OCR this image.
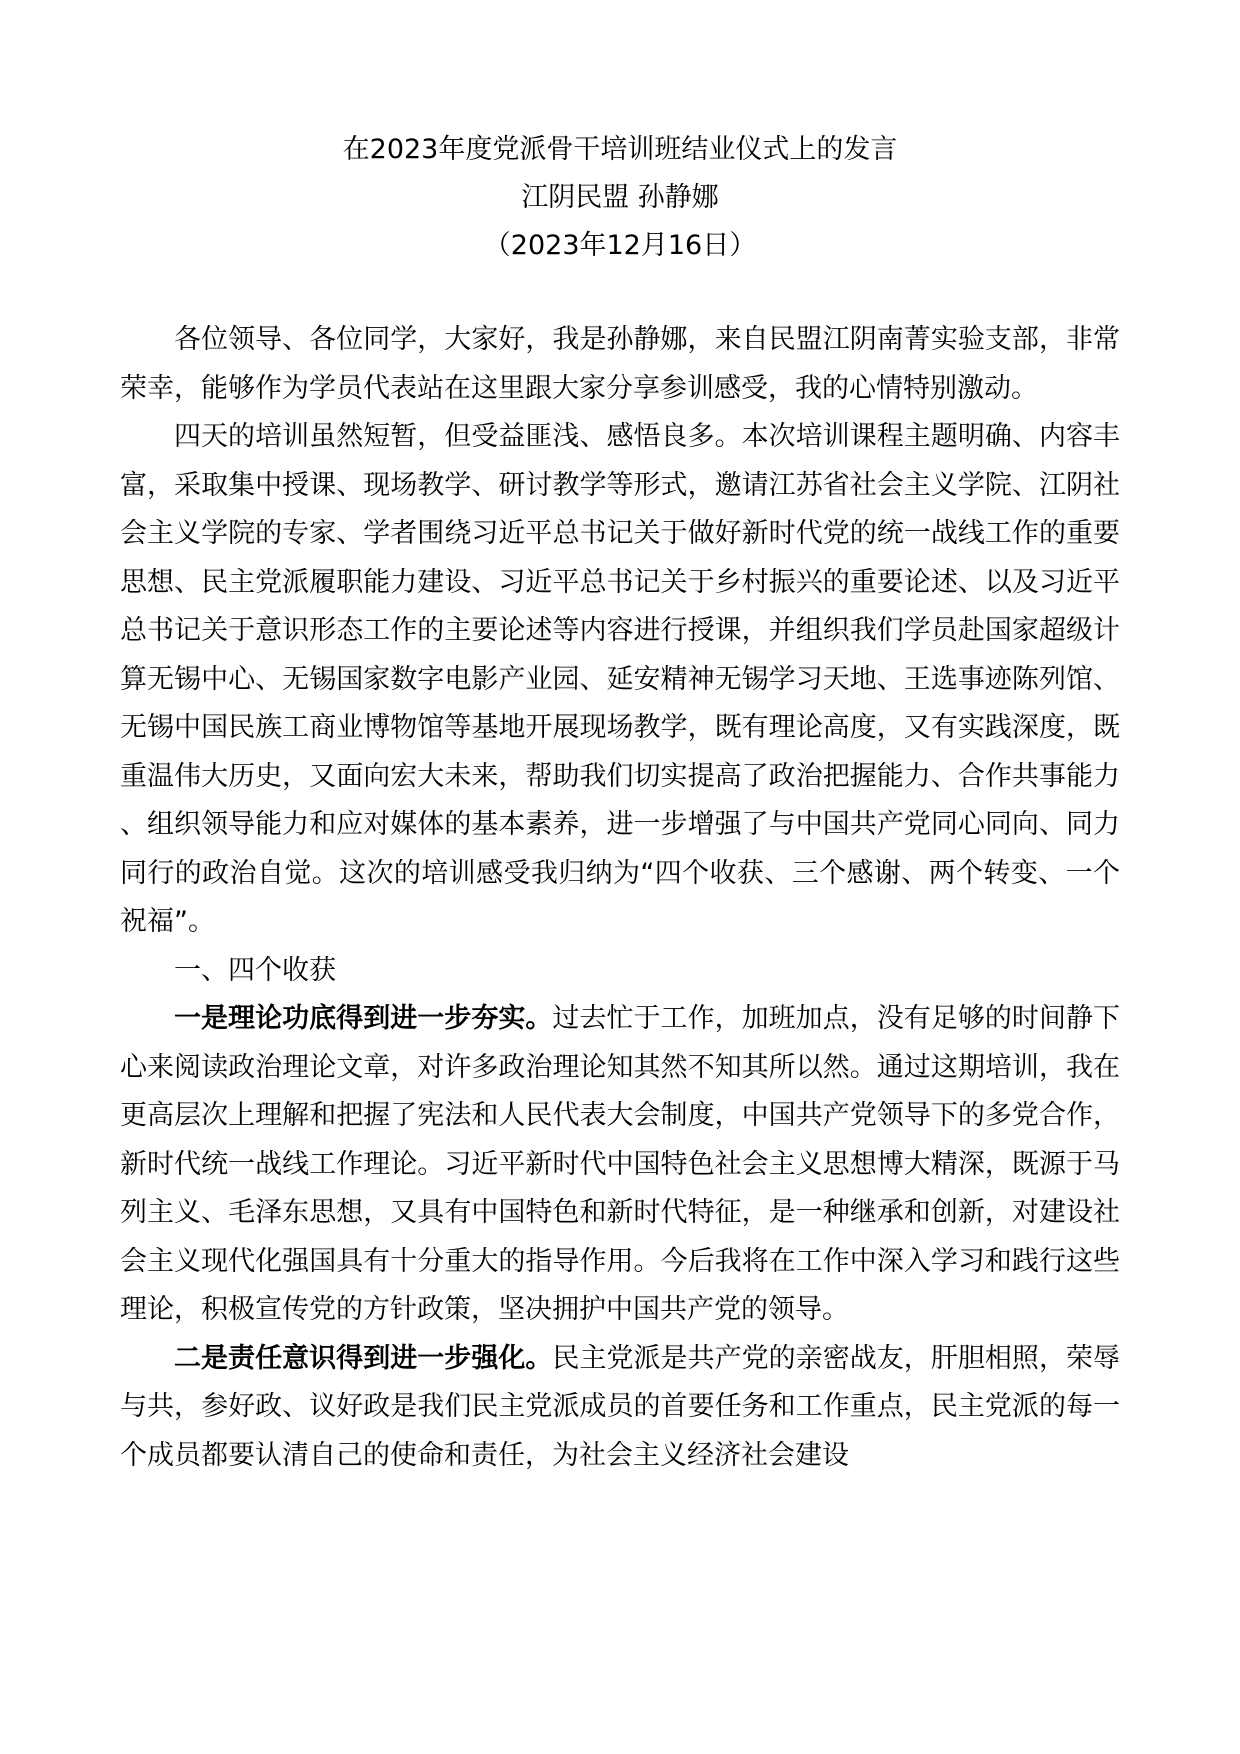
在2023年度党派骨干培训班结业仪式上的发言
江阴民盟 孙静娜
（2023年12月16日）

各位领导、各位同学，大家好，我是孙静娜，来自民盟江阴南菁实验支部，非常荣幸，能够作为学员代表站在这里跟大家分享参训感受，我的心情特别激动。

四天的培训虽然短暂，但受益匪浅、感悟良多。本次培训课程主题明确、内容丰富，采取集中授课、现场教学、研讨教学等形式，邀请江苏省社会主义学院、江阴社会主义学院的专家、学者围绕习近平总书记关于做好新时代党的统一战线工作的重要思想、民主党派履职能力建设、习近平总书记关于乡村振兴的重要论述、以及习近平总书记关于意识形态工作的主要论述等内容进行授课，并组织我们学员赴国家超级计算无锡中心、无锡国家数字电影产业园、延安精神无锡学习天地、王选事迹陈列馆、无锡中国民族工商业博物馆等基地开展现场教学，既有理论高度，又有实践深度，既重温伟大历史，又面向宏大未来，帮助我们切实提高了政治把握能力、合作共事能力、组织领导能力和应对媒体的基本素养，进一步增强了与中国共产党同心同向、同力同行的政治自觉。这次的培训感受我归纳为“四个收获、三个感谢、两个转变、一个祝福”。

一、四个收获

一是理论功底得到进一步夯实。过去忙于工作，加班加点，没有足够的时间静下心来阅读政治理论文章，对许多政治理论知其然不知其所以然。通过这期培训，我在更高层次上理解和把握了宪法和人民代表大会制度，中国共产党领导下的多党合作，新时代统一战线工作理论。习近平新时代中国特色社会主义思想博大精深，既源于马列主义、毛泽东思想，又具有中国特色和新时代特征，是一种继承和创新，对建设社会主义现代化强国具有十分重大的指导作用。今后我将在工作中深入学习和践行这些理论，积极宣传党的方针政策，坚决拥护中国共产党的领导。

二是责任意识得到进一步强化。民主党派是共产党的亲密战友，肝胆相照，荣辱与共，参好政、议好政是我们民主党派成员的首要任务和工作重点，民主党派的每一个成员都要认清自己的使命和责任，为社会主义经济社会建设
